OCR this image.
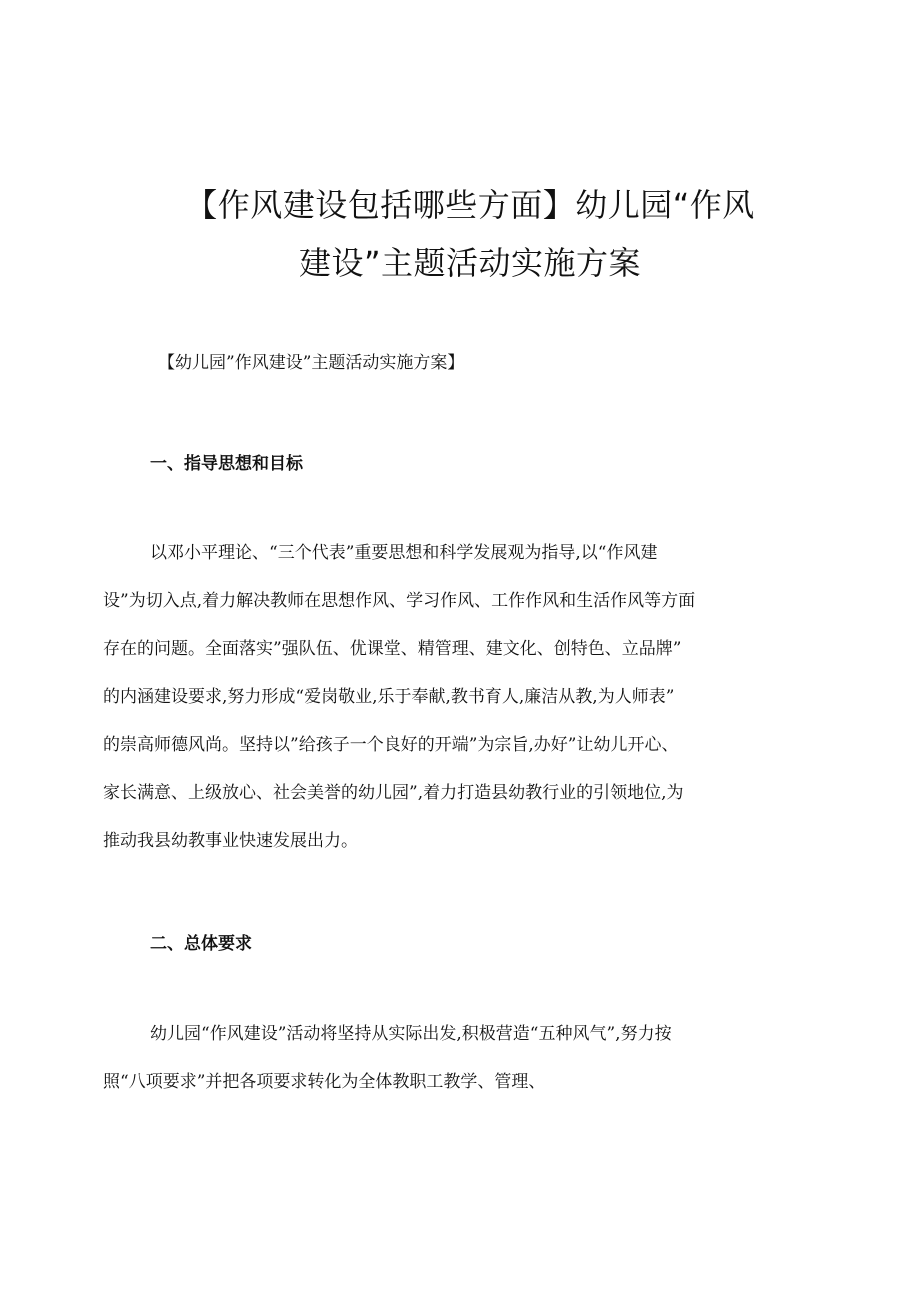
【作风建设包括哪些方面】幼儿园“作风
建设”主题活动实施方案

【幼儿园”作风建设”主题活动实施方案】

一、指导思想和目标
以邓小平理论、“三个代表”重要思想和科学发展观为指导,以“作风建
设”为切入点,着力解决教师在思想作风、学习作风、工作作风和生活作风等方面
存在的问题。全面落实”强队伍、优课堂、精管理、建文化、创特色、立品牌”
的内涵建设要求,努力形成“爱岗敬业,乐于奉献,教书育人,廉洁从教,为人师表”
的崇高师德风尚。坚持以”给孩子一个良好的开端”为宗旨,办好”让幼儿开心、
家长满意、上级放心、社会美誉的幼儿园”,着力打造县幼教行业的引领地位,为
推动我县幼教事业快速发展出力。
二、总体要求
幼儿园“作风建设”活动将坚持从实际出发,积极营造“五种风气”,努力按
照“八项要求”并把各项要求转化为全体教职工教学、管理、
